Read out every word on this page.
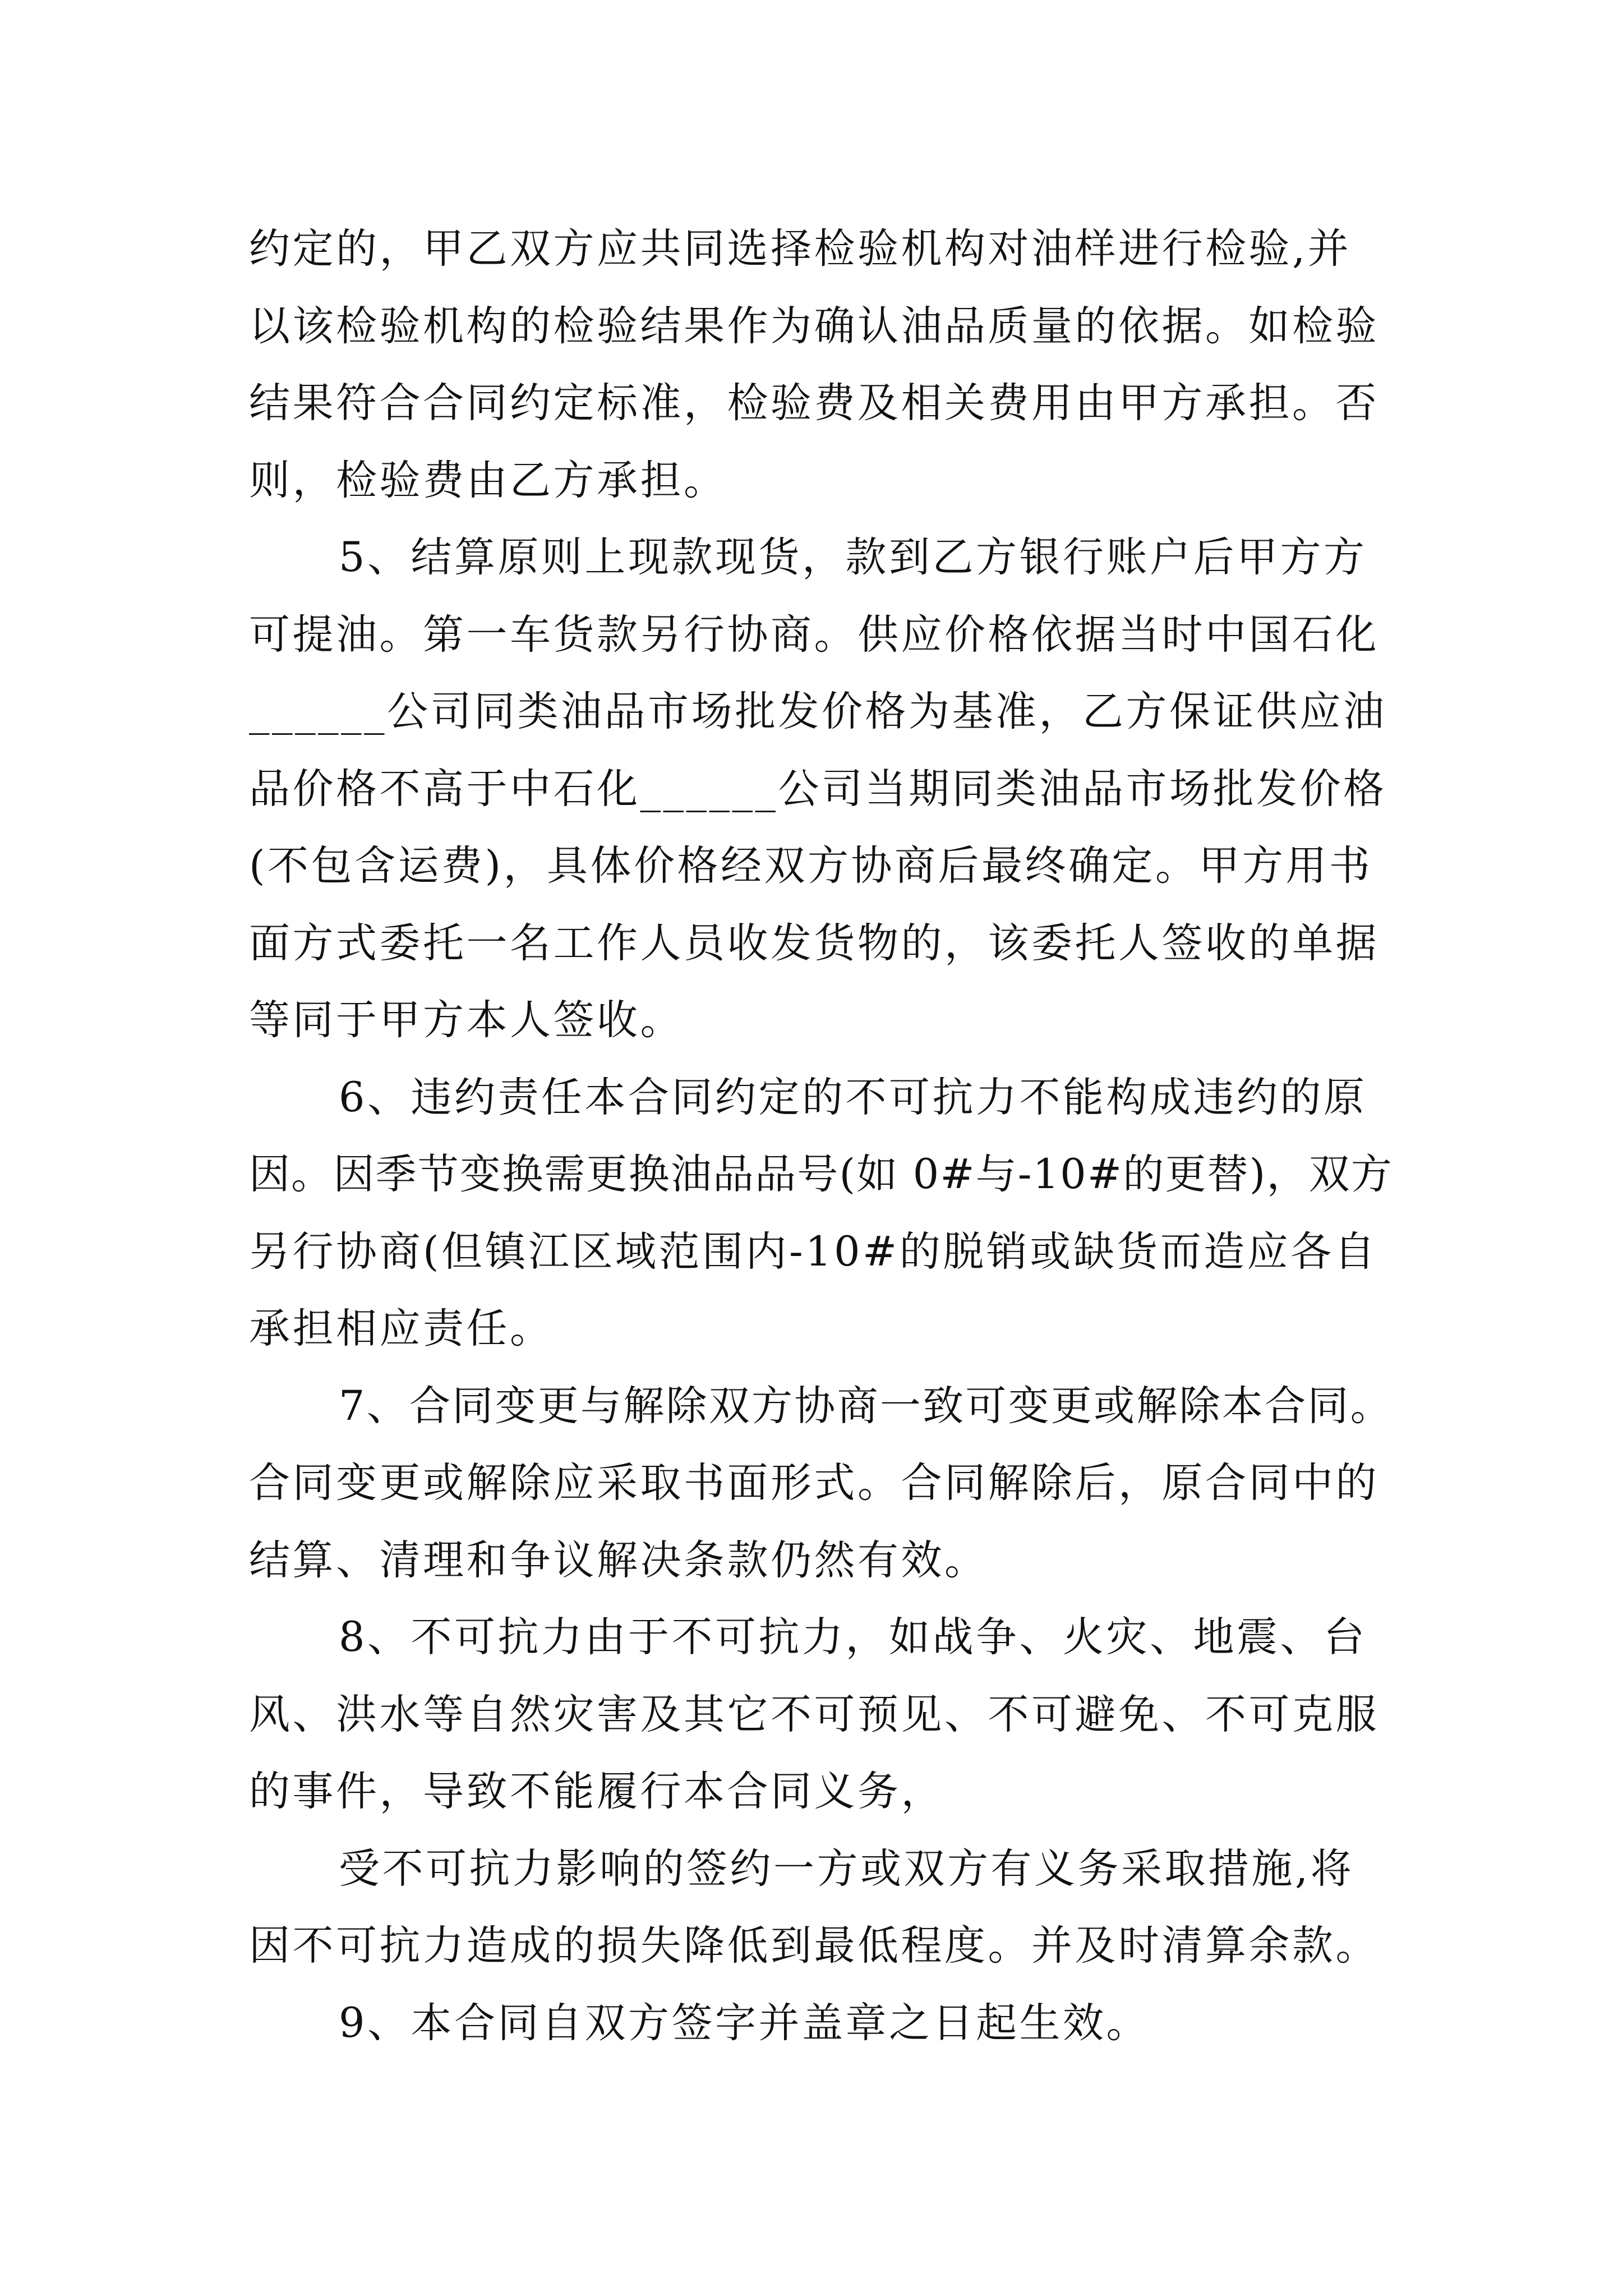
约定的，甲乙双方应共同选择检验机构对油样进行检验,并

以该检验机构的检验结果作为确认油品质量的依据。如检验

结果符合合同约定标准，检验费及相关费用由甲方承担。否

则，检验费由乙方承担。

5、结算原则上现款现货，款到乙方银行账户后甲方方

可提油。第一车货款另行协商。供应价格依据当时中国石化

______公司同类油品市场批发价格为基准，乙方保证供应油

品价格不高于中石化______公司当期同类油品市场批发价格

(不包含运费)，具体价格经双方协商后最终确定。甲方用书

面方式委托一名工作人员收发货物的，该委托人签收的单据

等同于甲方本人签收。

6、违约责任本合同约定的不可抗力不能构成违约的原

因。因季节变换需更换油品品号(如 0#与-10#的更替)，双方

另行协商(但镇江区域范围内-10#的脱销或缺货而造应各自

承担相应责任。

7、合同变更与解除双方协商一致可变更或解除本合同。

合同变更或解除应采取书面形式。合同解除后，原合同中的

结算、清理和争议解决条款仍然有效。

8、不可抗力由于不可抗力，如战争、火灾、地震、台

风、洪水等自然灾害及其它不可预见、不可避免、不可克服

的事件，导致不能履行本合同义务，

受不可抗力影响的签约一方或双方有义务采取措施,将

因不可抗力造成的损失降低到最低程度。并及时清算余款。

9、本合同自双方签字并盖章之日起生效。
